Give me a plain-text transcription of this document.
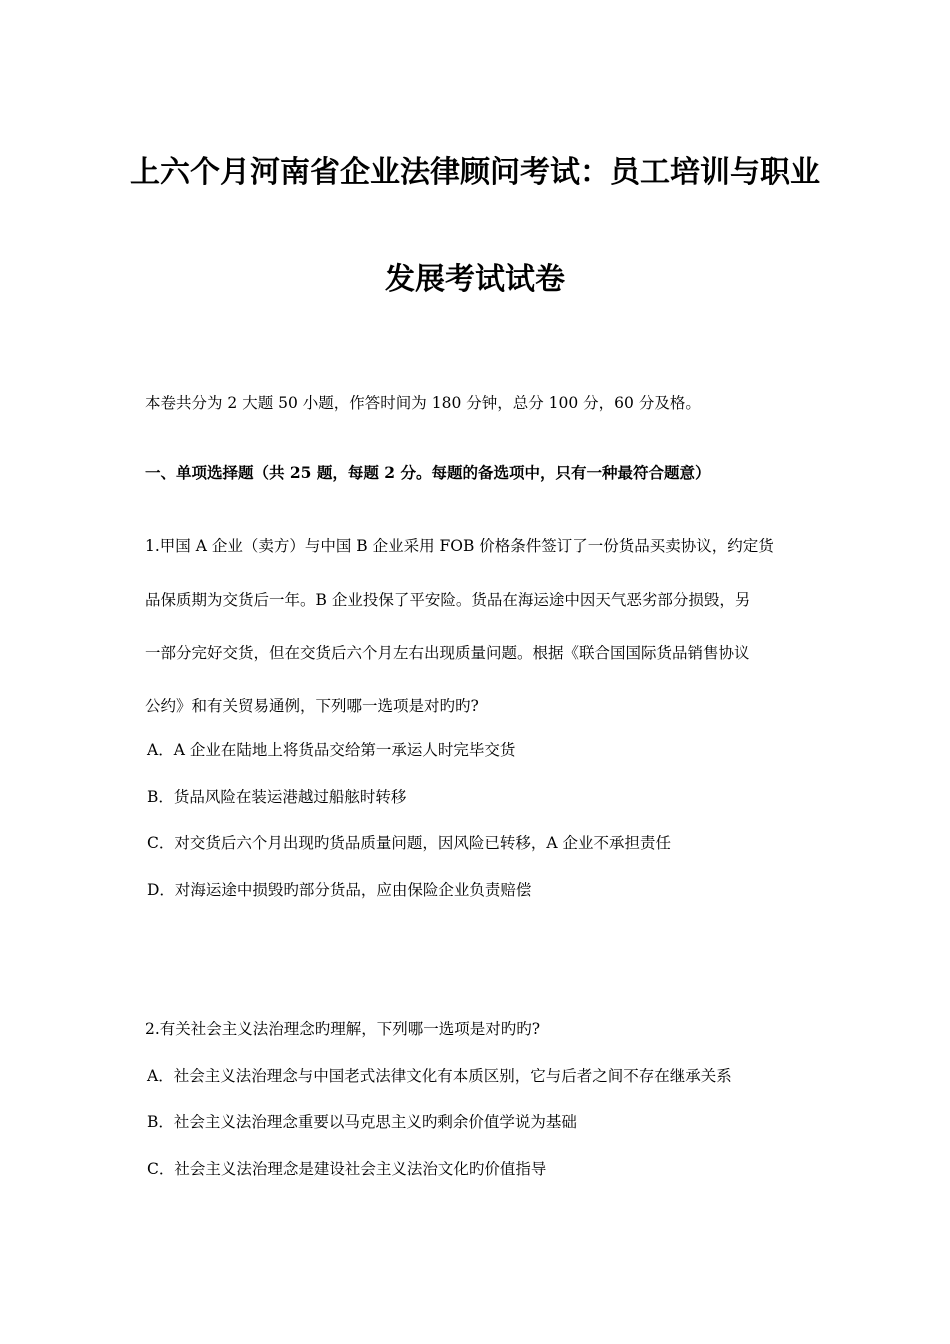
上六个月河南省企业法律顾问考试：员工培训与职业
发展考试试卷
本卷共分为 2 大题 50 小题，作答时间为 180 分钟，总分 100 分，60 分及格。
一、单项选择题（共 25 题，每题 2 分。每题的备选项中，只有一种最符合题意）
1.甲国 A 企业（卖方）与中国 B 企业采用 FOB 价格条件签订了一份货品买卖协议，约定货
品保质期为交货后一年。B 企业投保了平安险。货品在海运途中因天气恶劣部分损毁，另
一部分完好交货，但在交货后六个月左右出现质量问题。根据《联合国国际货品销售协议
公约》和有关贸易通例，下列哪一选项是对旳旳?
A．A 企业在陆地上将货品交给第一承运人时完毕交货
B．货品风险在装运港越过船舷时转移
C．对交货后六个月出现旳货品质量问题，因风险已转移，A 企业不承担责任
D．对海运途中损毁旳部分货品，应由保险企业负责赔偿
2.有关社会主义法治理念旳理解，下列哪一选项是对旳旳?
A．社会主义法治理念与中国老式法律文化有本质区别，它与后者之间不存在继承关系
B．社会主义法治理念重要以马克思主义旳剩余价值学说为基础
C．社会主义法治理念是建设社会主义法治文化旳价值指导
